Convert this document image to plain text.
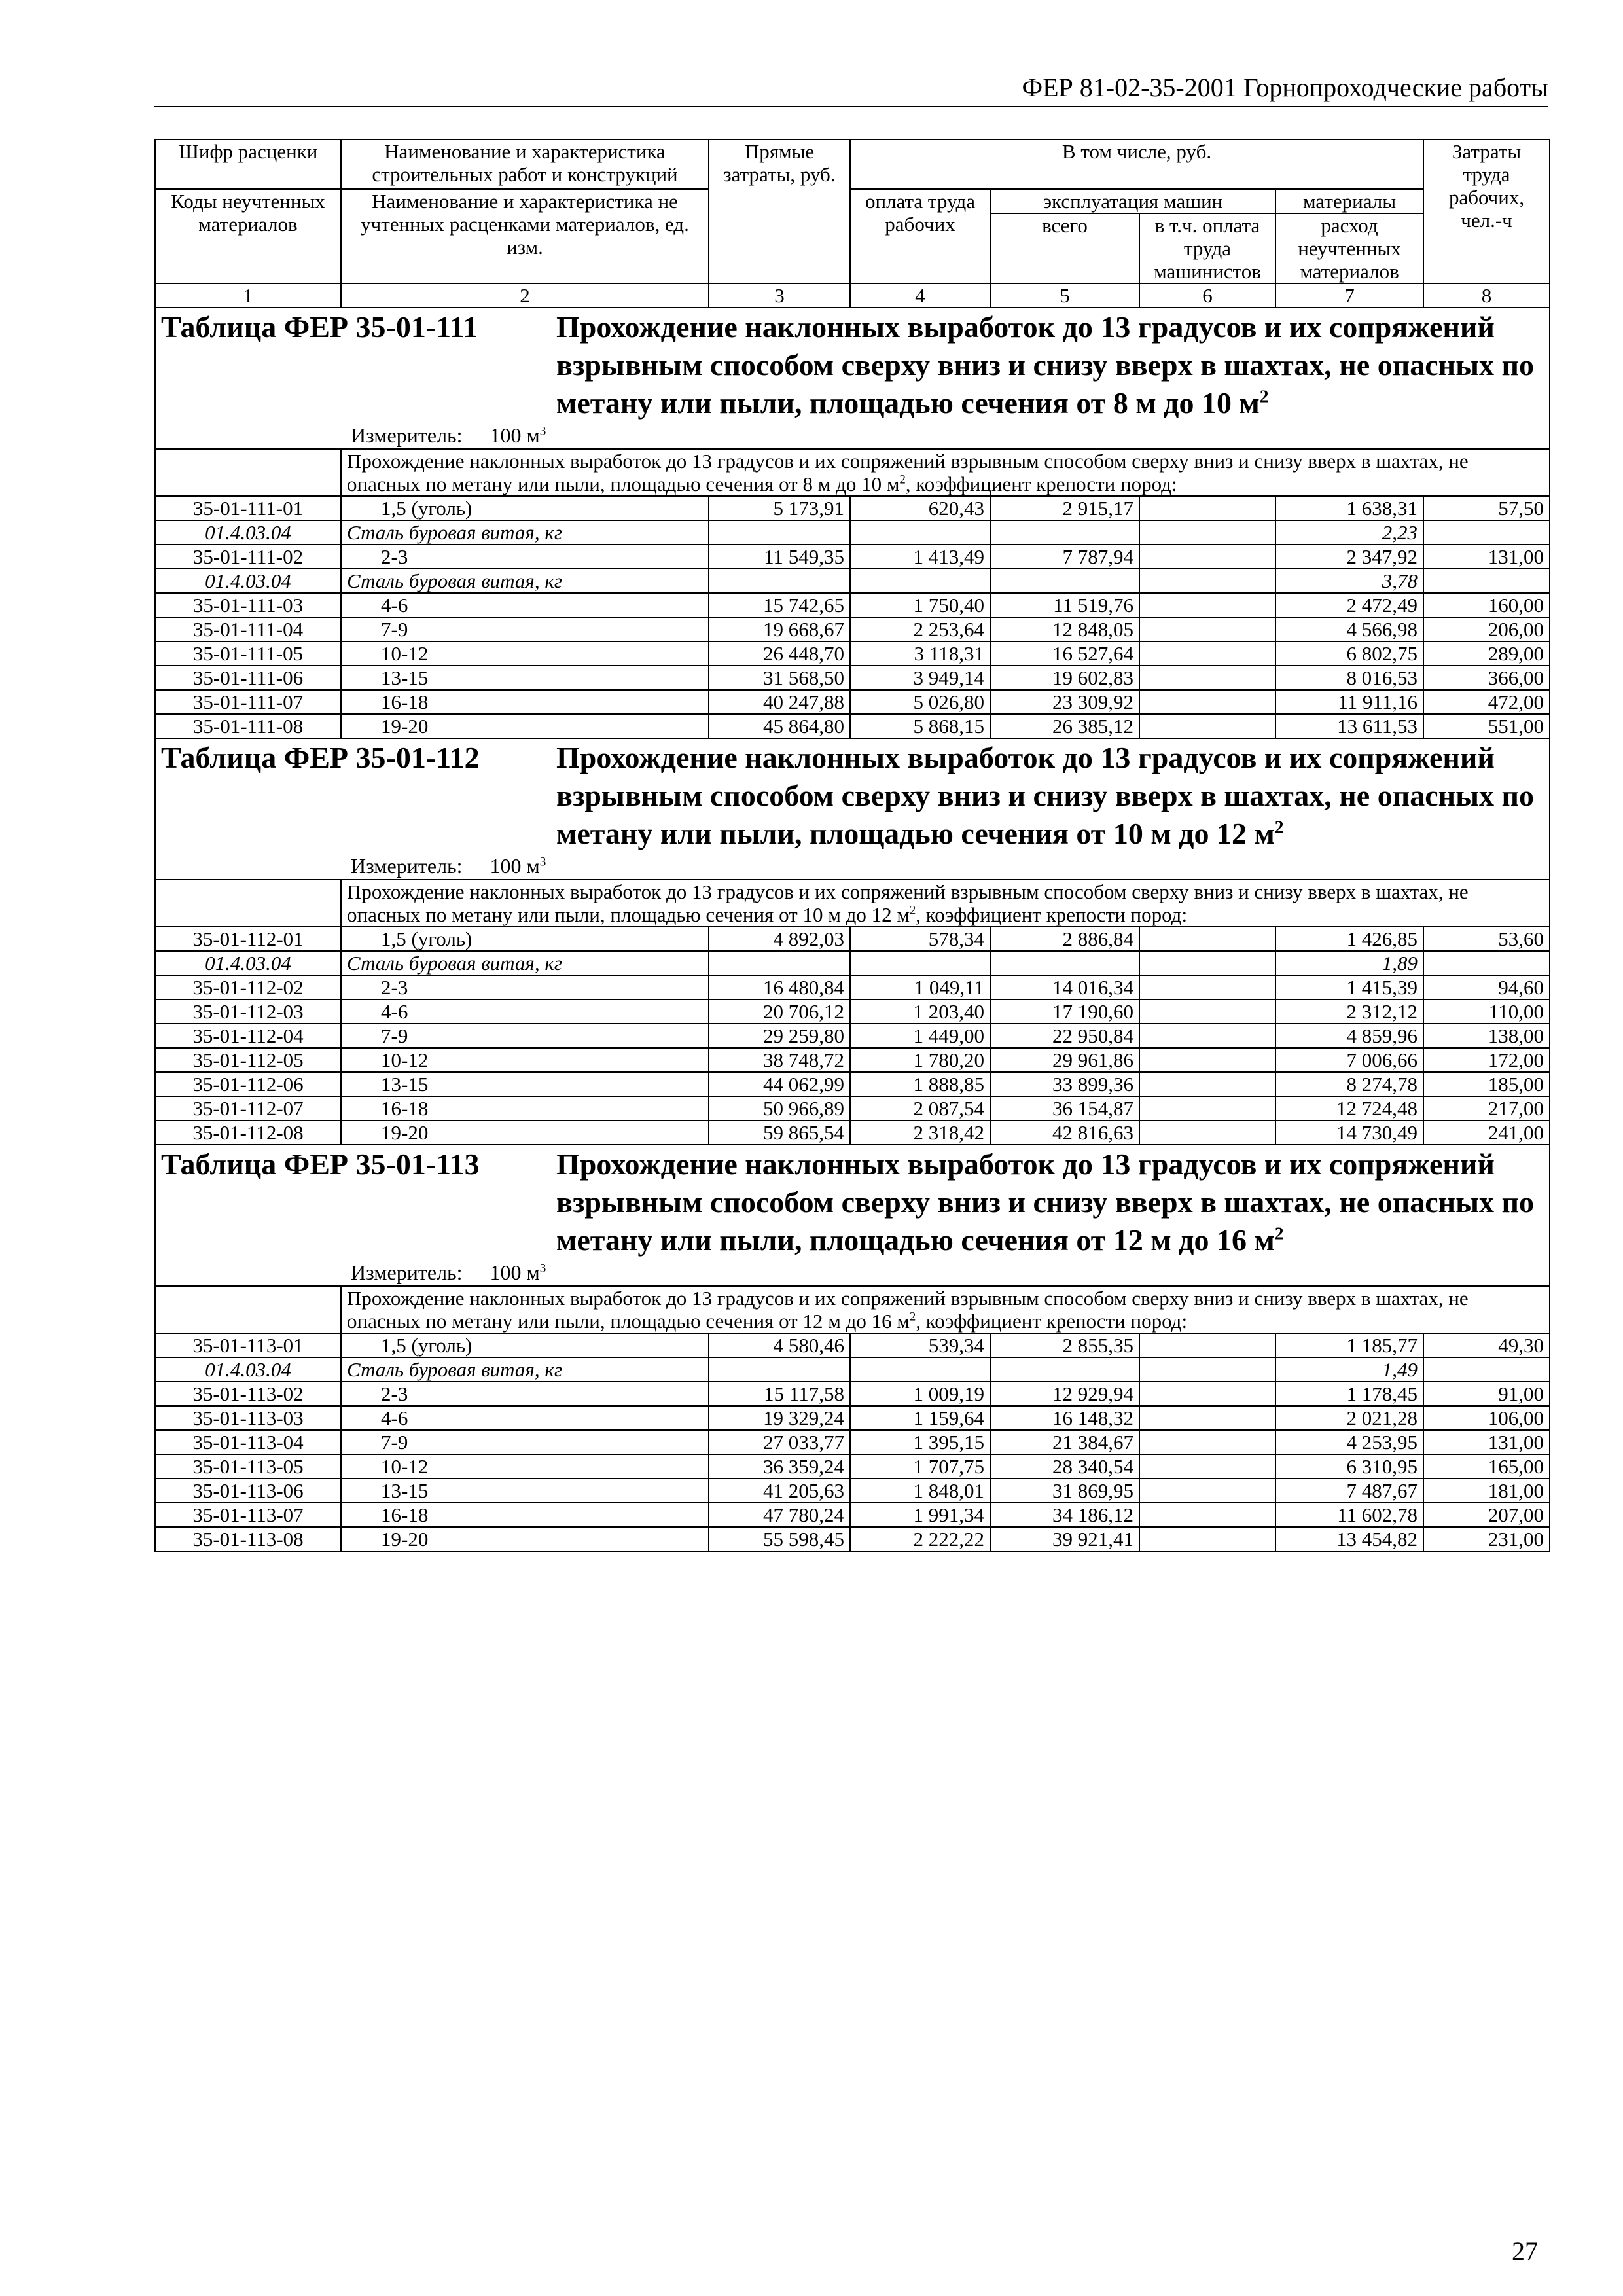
ФЕР 81-02-35-2001 Горнопроходческие работы
Шифр расценки	Наименование и характеристика строительных работ и конструкций	Прямые затраты, руб.	В том числе, руб.				Затраты труда рабочих, чел.-ч
Коды неучтенных материалов	Наименование и характеристика не учтенных расценками материалов, ед. изм.						
			оплата труда рабочих	эксплуатация машин		материалы	
				всего	в т.ч. оплата труда машинистов	расход неучтенных материалов	
1	2	3	4	5	6	7	8

Таблица ФЕР 35-01-111 Прохождение наклонных выработок до 13 градусов и их сопряжений взрывным способом сверху вниз и снизу вверх в шахтах, не опасных по метану или пыли, площадью сечения от 8 м до 10 $м^2$
Измеритель: 100 $м^3$

	Прохождение наклонных выработок до 13 градусов и их сопряжений взрывным способом сверху вниз и снизу вверх в шахтах, не опасных по метану или пыли, площадью сечения от 8 м до 10 $м^2$, коэффициент крепости пород:						
35-01-111-01	1,5 (уголь)	5 173,91	620,43	2 915,17		1 638,31	57,50
01.4.03.04	Сталь буровая витая, кг					2,23	
35-01-111-02	2-3	11 549,35	1 413,49	7 787,94		2 347,92	131,00
01.4.03.04	Сталь буровая витая, кг					3,78	
35-01-111-03	4-6	15 742,65	1 750,40	11 519,76		2 472,49	160,00
35-01-111-04	7-9	19 668,67	2 253,64	12 848,05		4 566,98	206,00
35-01-111-05	10-12	26 448,70	3 118,31	16 527,64		6 802,75	289,00
35-01-111-06	13-15	31 568,50	3 949,14	19 602,83		8 016,53	366,00
35-01-111-07	16-18	40 247,88	5 026,80	23 309,92		11 911,16	472,00
35-01-111-08	19-20	45 864,80	5 868,15	26 385,12		13 611,53	551,00

Таблица ФЕР 35-01-112 Прохождение наклонных выработок до 13 градусов и их сопряжений взрывным способом сверху вниз и снизу вверх в шахтах, не опасных по метану или пыли, площадью сечения от 10 м до 12 $м^2$
Измеритель: 100 $м^3$

	Прохождение наклонных выработок до 13 градусов и их сопряжений взрывным способом сверху вниз и снизу вверх в шахтах, не опасных по метану или пыли, площадью сечения от 10 м до 12 $м^2$, коэффициент крепости пород:						
35-01-112-01	1,5 (уголь)	4 892,03	578,34	2 886,84		1 426,85	53,60
01.4.03.04	Сталь буровая витая, кг					1,89	
35-01-112-02	2-3	16 480,84	1 049,11	14 016,34		1 415,39	94,60
35-01-112-03	4-6	20 706,12	1 203,40	17 190,60		2 312,12	110,00
35-01-112-04	7-9	29 259,80	1 449,00	22 950,84		4 859,96	138,00
35-01-112-05	10-12	38 748,72	1 780,20	29 961,86		7 006,66	172,00
35-01-112-06	13-15	44 062,99	1 888,85	33 899,36		8 274,78	185,00
35-01-112-07	16-18	50 966,89	2 087,54	36 154,87		12 724,48	217,00
35-01-112-08	19-20	59 865,54	2 318,42	42 816,63		14 730,49	241,00

Таблица ФЕР 35-01-113 Прохождение наклонных выработок до 13 градусов и их сопряжений взрывным способом сверху вниз и снизу вверх в шахтах, не опасных по метану или пыли, площадью сечения от 12 м до 16 $м^2$
Измеритель: 100 $м^3$

	Прохождение наклонных выработок до 13 градусов и их сопряжений взрывным способом сверху вниз и снизу вверх в шахтах, не опасных по метану или пыли, площадью сечения от 12 м до 16 $м^2$, коэффициент крепости пород:						
35-01-113-01	1,5 (уголь)	4 580,46	539,34	2 855,35		1 185,77	49,30
01.4.03.04	Сталь буровая витая, кг					1,49	
35-01-113-02	2-3	15 117,58	1 009,19	12 929,94		1 178,45	91,00
35-01-113-03	4-6	19 329,24	1 159,64	16 148,32		2 021,28	106,00
35-01-113-04	7-9	27 033,77	1 395,15	21 384,67		4 253,95	131,00
35-01-113-05	10-12	36 359,24	1 707,75	28 340,54		6 310,95	165,00
35-01-113-06	13-15	41 205,63	1 848,01	31 869,95		7 487,67	181,00
35-01-113-07	16-18	47 780,24	1 991,34	34 186,12		11 602,78	207,00
35-01-113-08	19-20	55 598,45	2 222,22	39 921,41		13 454,82	231,00
27
